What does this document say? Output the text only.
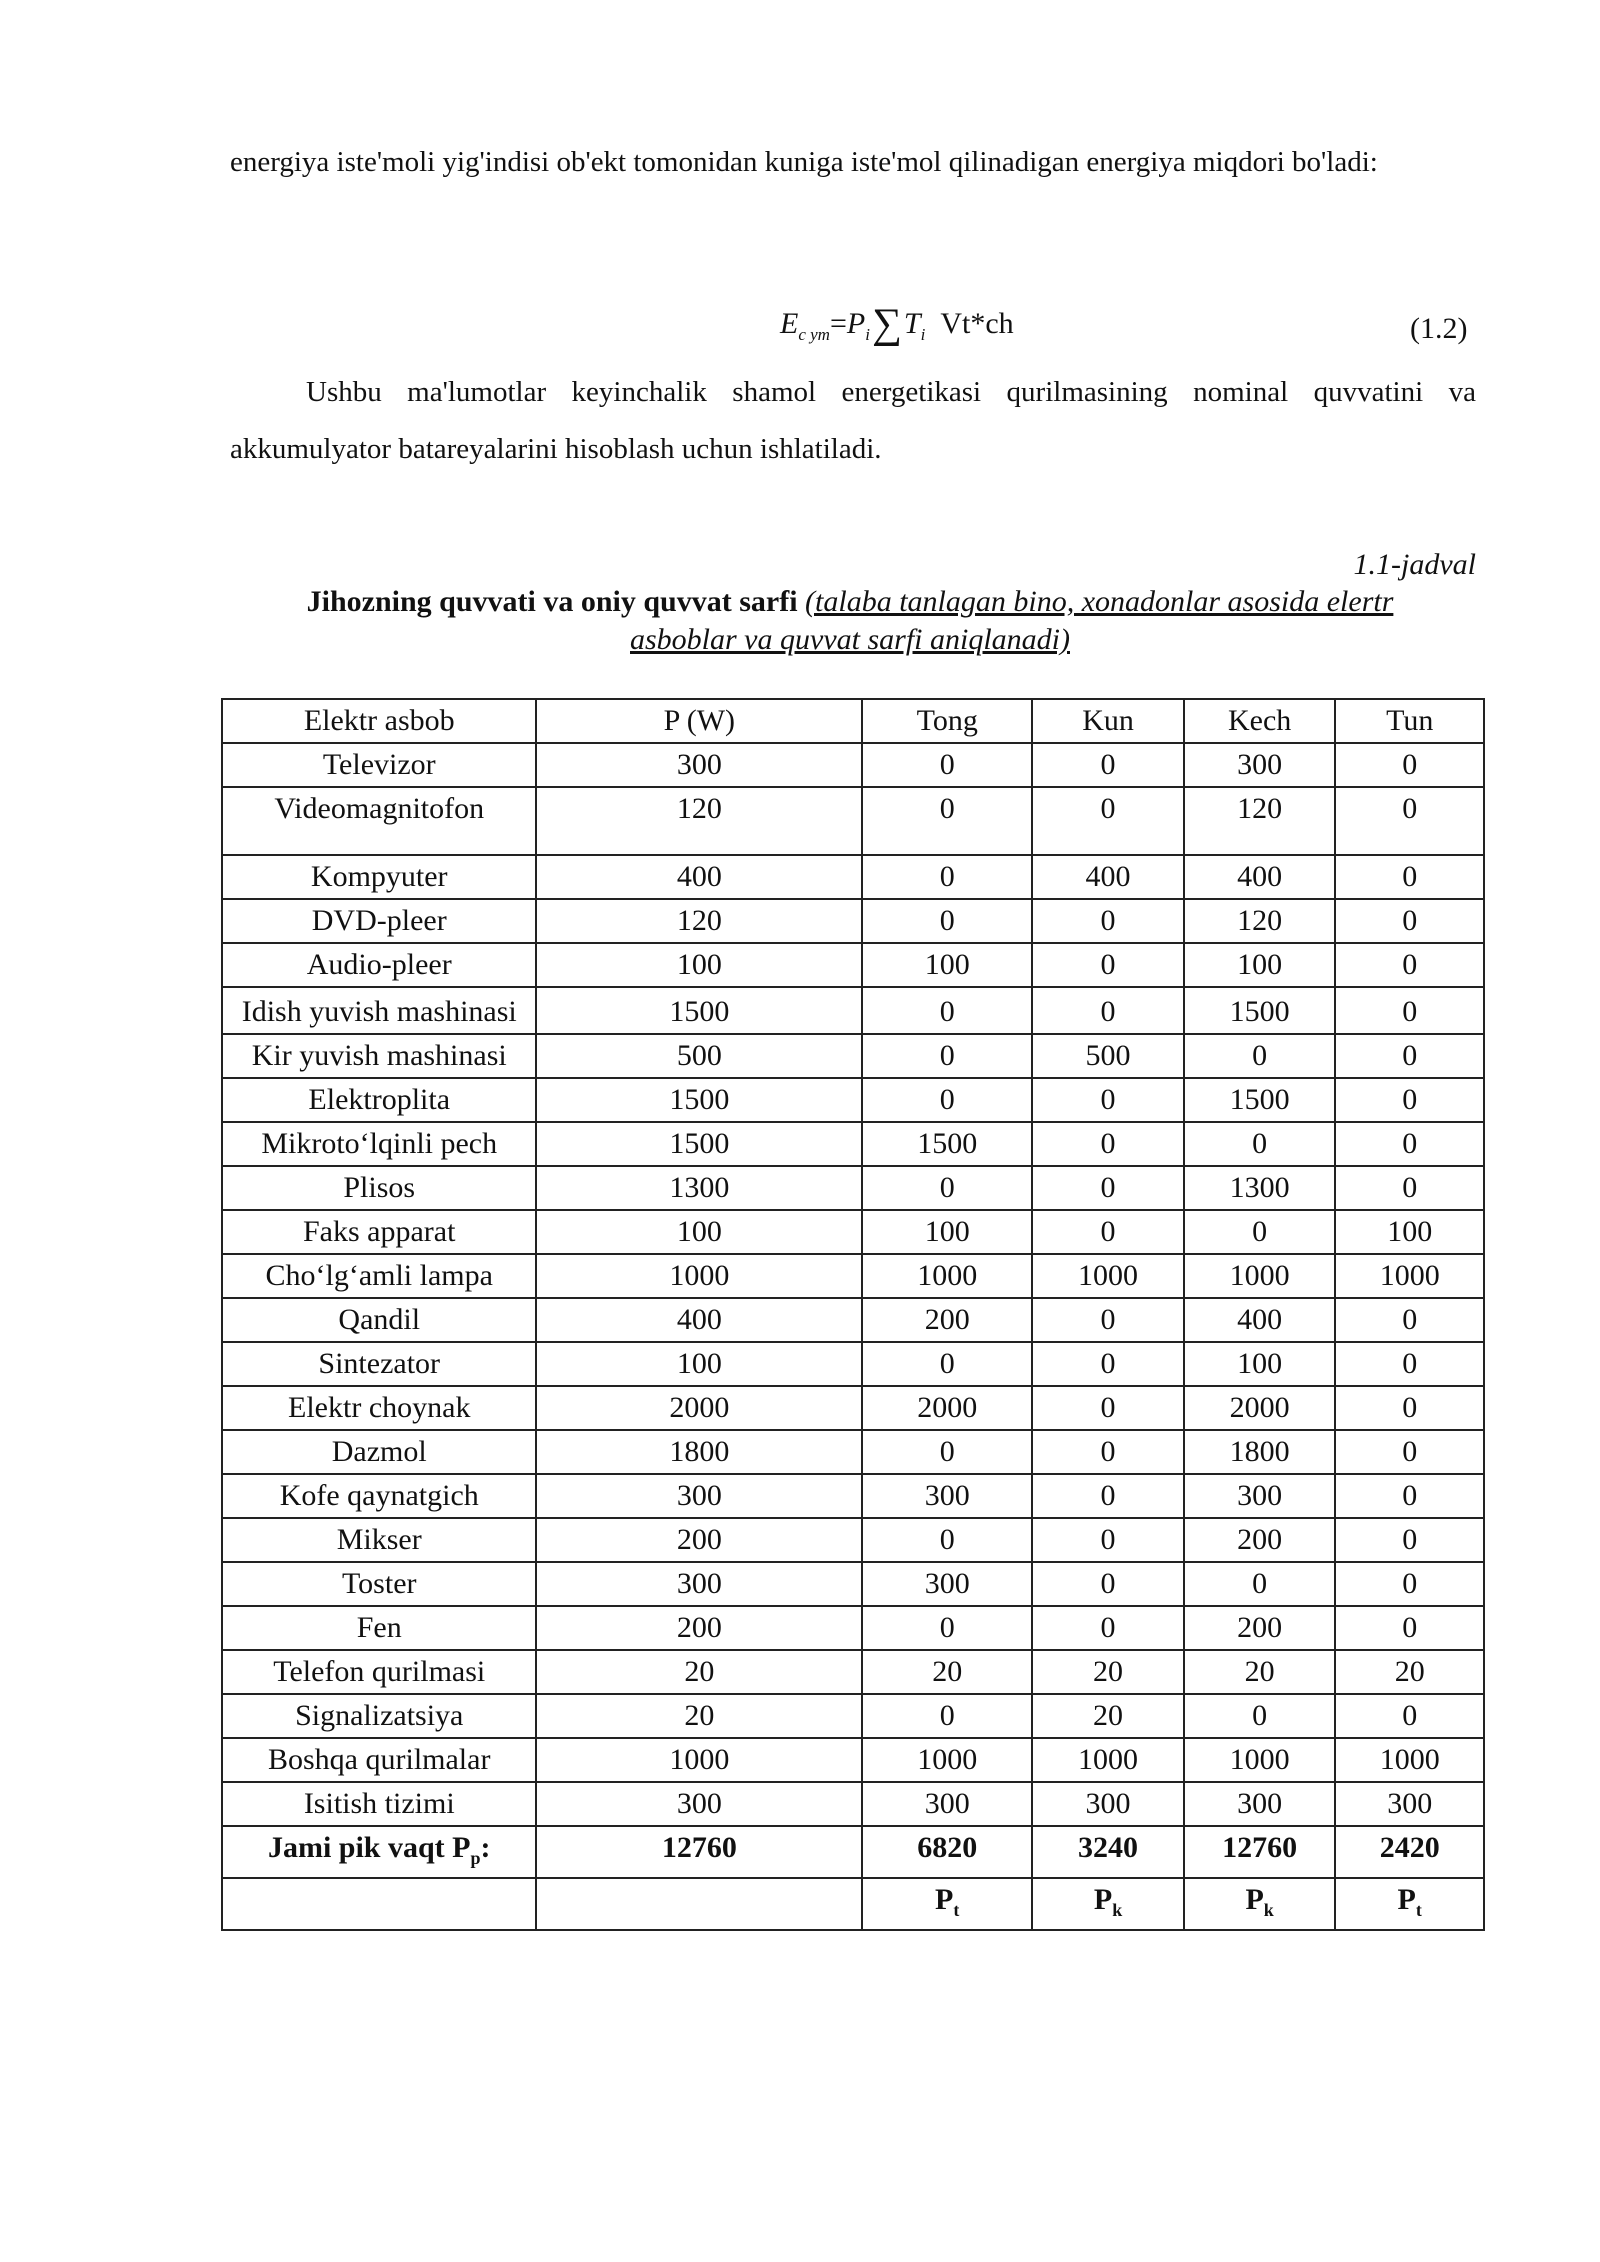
energiya iste'moli yig'indisi ob'ekt tomonidan kuniga iste'mol qilinadigan energiya miqdori bo'ladi:

$E_{c ym}=P_i\sum T_i$ Vt*ch	(1.2)

Ushbu ma'lumotlar keyinchalik shamol energetikasi qurilmasining nominal quvvatini va akkumulyator batareyalarini hisoblash uchun ishlatiladi.

1.1-jadval
Jihozning quvvati va oniy quvvat sarfi (talaba tanlagan bino, xonadonlar asosida elertr asboblar va quvvat sarfi aniqlanadi)
Elektr asbob	P (W)	Tong	Kun	Kech	Tun
Televizor	300	0	0	300	0
Videomagnitofon	120	0	0	120	0
Kompyuter	400	0	400	400	0
DVD-pleer	120	0	0	120	0
Audio-pleer	100	100	0	100	0
Idish yuvish mashinasi	1500	0	0	1500	0
Kir yuvish mashinasi	500	0	500	0	0
Elektroplita	1500	0	0	1500	0
Mikroto‘lqinli pech	1500	1500	0	0	0
Plisos	1300	0	0	1300	0
Faks apparat	100	100	0	0	100
Cho‘lg‘amli lampa	1000	1000	1000	1000	1000
Qandil	400	200	0	400	0
Sintezator	100	0	0	100	0
Elektr choynak	2000	2000	0	2000	0
Dazmol	1800	0	0	1800	0
Kofe qaynatgich	300	300	0	300	0
Mikser	200	0	0	200	0
Toster	300	300	0	0	0
Fen	200	0	0	200	0
Telefon qurilmasi	20	20	20	20	20
Signalizatsiya	20	0	20	0	0
Boshqa qurilmalar	1000	1000	1000	1000	1000
Isitish tizimi	300	300	300	300	300
Jami pik vaqt $P_p$:	12760	6820	3240	12760	2420
		$P_t$	$P_k$	$P_k$	$P_t$
